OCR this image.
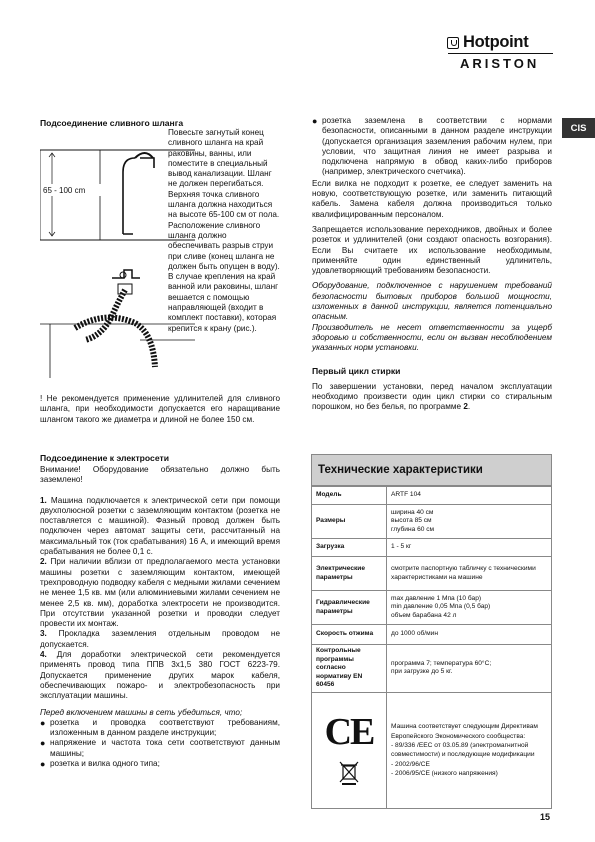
Hotpoint
ARISTON
CIS

Подсоединение сливного шланга

65 - 100 cm

Повесьте загнутый конец сливного шланга на край раковины, ванны, или поместите в специальный вывод канализации. Шланг не должен перегибаться. Верхняя точка сливного шланга должна находиться на высоте 65-100 см от пола. Расположение сливного шланга должно обеспечивать разрыв струи при сливе (конец шланга не должен быть опущен в воду). В случае крепления на край ванной или раковины, шланг вешается с помощью направляющей (входит в комплект поставки), которая крепится к крану (рис.).

! Не рекомендуется применение удлинителей для сливного шланга, при необходимости допускается его наращивание шлангом такого же диаметра и длиной не более 150 см.

Подсоединение к электросети

Внимание! Оборудование обязательно должно быть заземлено!

1. Машина подключается к электрической сети при помощи двухполюсной розетки с заземляющим контактом (розетка не поставляется с машиной). Фазный провод должен быть подключен через автомат защиты сети, рассчитанный на максимальный ток (ток срабатывания) 16 А, и имеющий время срабатывания не более 0,1 с.

2. При наличии вблизи от предполагаемого места установки машины розетки с заземляющим контактом, имеющей трехпроводную подводку кабеля с медными жилами сечением не менее 1,5 кв. мм (или алюминиевыми жилами сечением не менее 2,5 кв. мм), доработка электросети не производится. При отсутствии указанной розетки и проводки следует провести их монтаж.

3. Прокладка заземления отдельным проводом не допускается.

4. Для доработки электрической сети рекомендуется применять провод типа ППВ 3х1,5 380 ГОСТ 6223-79. Допускается применение других марок кабеля, обеспечивающих пожаро- и электробезопасность при эксплуатации машины.

Перед включением машины в сеть убедиться, что;

● розетка и проводка соответствуют требованиям, изложенным в данном разделе инструкции;

● напряжение и частота тока сети соответствуют данным машины;

● розетка и вилка одного типа;

● розетка заземлена в соответствии с нормами безопасности, описанными в данном разделе инструкции (допускается организация заземления рабочим нулем, при условии, что защитная линия не имеет разрыва и подключена напрямую в обвод каких-либо приборов (например, электрического счетчика).

Если вилка не подходит к розетке, ее следует заменить на новую, соответствующую розетке, или заменить питающий кабель. Замена кабеля должна производиться только квалифицированным персоналом.

Запрещается использование переходников, двойных и более розеток и удлинителей (они создают опасность возгорания). Если Вы считаете их использование необходимым, применяйте один единственный удлинитель, удовлетворяющий требованиям безопасности.

Оборудование, подключенное с нарушением требований безопасности бытовых приборов большой мощности, изложенных в данной инструкции, является потенциально опасным.

Производитель не несет ответственности за ущерб здоровью и собственности, если он вызван несоблюдением указанных норм установки.

Первый цикл стирки

По завершении установки, перед началом эксплуатации необходимо произвести один цикл стирки со стиральным порошком, но без белья, по программе 2.

Технические характеристики
Модель	ARTF 104
Размеры	ширина 40 см
высота 85 см
глубина 60 см
Загрузка	1 - 5 кг
Электрические параметры	смотрите паспортную табличку с техническими характеристиками на машине
Гидравлические параметры	max давление 1 Мпа (10 бар)
min давление 0,05 Мпа (0,5 бар)
объем барабана 42 л
Скорость отжима	до 1000 об/мин
Контрольные программы согласно нормативу EN 60456	программа 7; температура 60°С;
при загрузке до 5 кг.

CE	Машина соответствует следующим Директивам Европейского Экономического сообщества:
- 89/336 /ЕЕС от 03.05.89 (электромагнитной совместимости) и последующие модификации
- 2002/96/CE
- 2006/95/CE (низкого напряжения)
15
